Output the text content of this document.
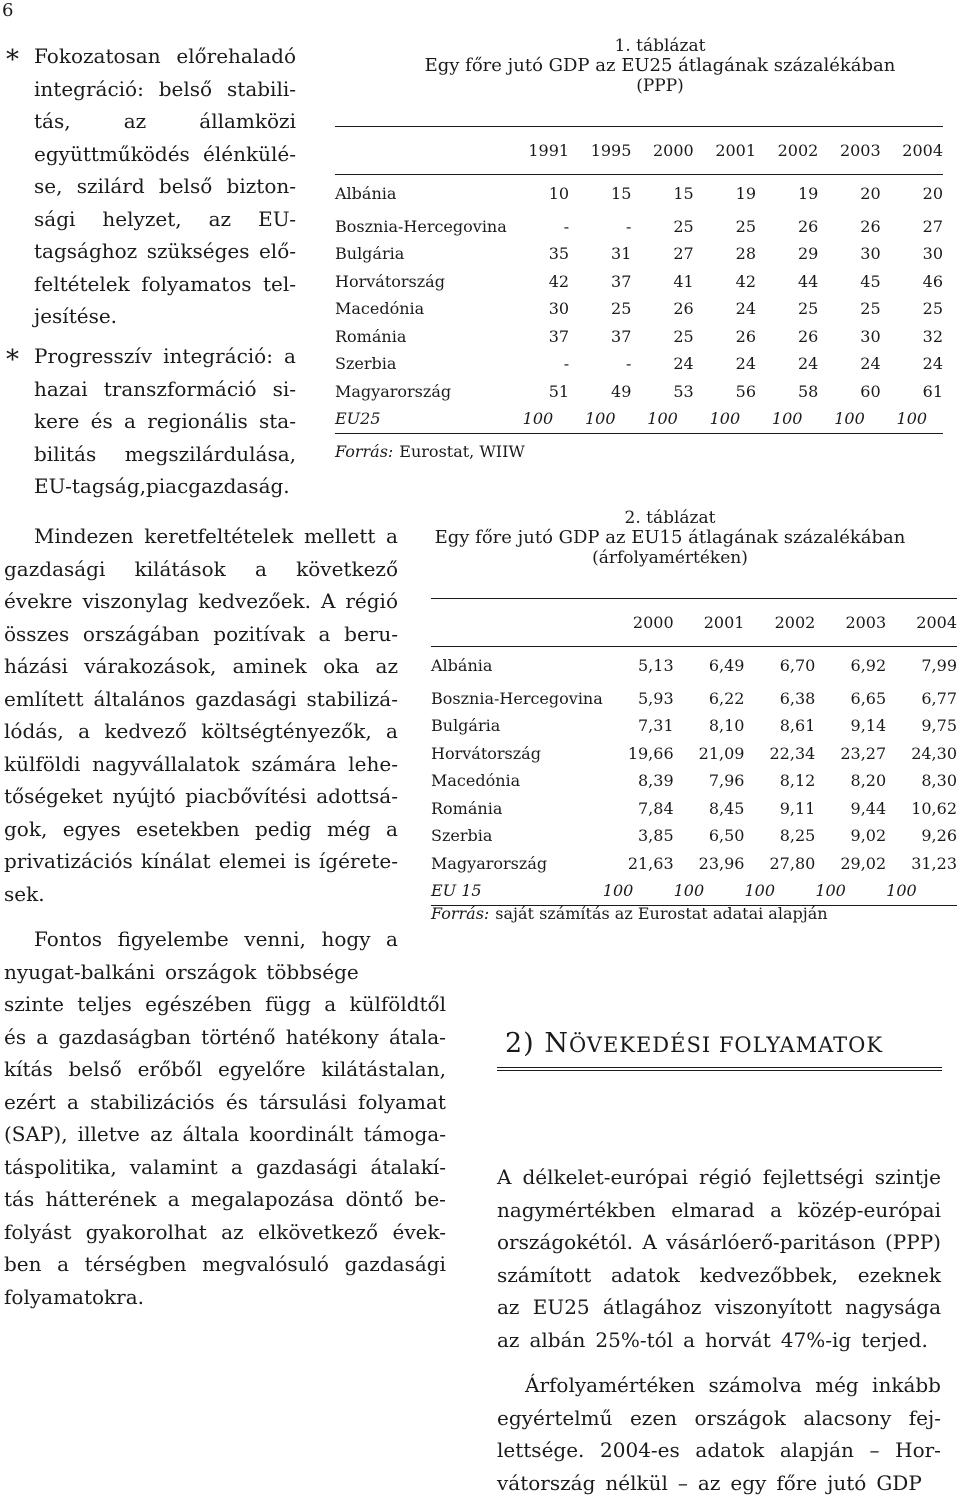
6
* Fokozatosan előrehaladó
integráció: belső stabili-
tás,	az	államközi
együttműködés élénkülé-
se, szilárd belső bizton-
sági helyzet, az EU-
tagsághoz szükséges elő-
feltételek folyamatos tel-
jesítése.
* Progresszív integráció: a
hazai transzformáció si-
kere és a regionális sta-
bilitás megszilárdulása,
EU-tagság, piacgazdaság.
Mindezen keretfeltételek mellett a
gazdasági kilátások a következő
évekre viszonylag kedvezőek. A régió
összes országában pozitívak a beru-
házási várakozások, aminek oka az
említett általános gazdasági stabilizá-
lódás, a kedvező költségtényezők, a
külföldi nagyvállalatok számára lehe-
tőségeket nyújtó piacbővítési adottsá-
gok, egyes esetekben pedig még a
privatizációs kínálat elemei is ígérete-
sek.
Fontos figyelembe venni, hogy a
nyugat-balkáni országok többsége
szinte teljes egészében függ a külföldtől
és a gazdaságban történő hatékony átala-
kítás belső erőből egyelőre kilátástalan,
ezért a stabilizációs és társulási folyamat
(SAP), illetve az általa koordinált támoga-
táspolitika, valamint a gazdasági átalakí-
tás hátterének a megalapozása döntő be-
folyást gyakorolhat az elkövetkező évek-
ben a térségben megvalósuló gazdasági
folyamatokra.
1. táblázat
Egy főre jutó GDP az EU25 átlagának százalékában
(PPP)
	1991	1995	2000	2001	2002	2003	2004
Albánia	10	15	15	19	19	20	20
Bosznia-Hercegovina	-	-	25	25	26	26	27
Bulgária	35	31	27	28	29	30	30
Horvátország	42	37	41	42	44	45	46
Macedónia	30	25	26	24	25	25	25
Románia	37	37	25	26	26	30	32
Szerbia	-	-	24	24	24	24	24
Magyarország	51	49	53	56	58	60	61
EU25	100	100	100	100	100	100	100
Forrás: Eurostat, WIIW
2. táblázat
Egy főre jutó GDP az EU15 átlagának százalékában
(árfolyamértéken)
	2000	2001	2002	2003	2004
Albánia	5,13	6,49	6,70	6,92	7,99
Bosznia-Hercegovina	5,93	6,22	6,38	6,65	6,77
Bulgária	7,31	8,10	8,61	9,14	9,75
Horvátország	19,66	21,09	22,34	23,27	24,30
Macedónia	8,39	7,96	8,12	8,20	8,30
Románia	7,84	8,45	9,11	9,44	10,62
Szerbia	3,85	6,50	8,25	9,02	9,26
Magyarország	21,63	23,96	27,80	29,02	31,23
EU 15	100	100	100	100	100
Forrás: saját számítás az Eurostat adatai alapján
2) NÖVEKEDÉSI FOLYAMATOK
A délkelet-európai régió fejlettségi szintje
nagymértékben elmarad a közép-európai
országokétól. A vásárlóerő-paritáson (PPP)
számított adatok kedvezőbbek, ezeknek
az EU25 átlagához viszonyított nagysága
az albán 25%-tól a horvát 47%-ig terjed.
Árfolyamértéken számolva még inkább
egyértelmű ezen országok alacsony fej-
lettsége. 2004-es adatok alapján – Hor-
vátország nélkül – az egy főre jutó GDP
